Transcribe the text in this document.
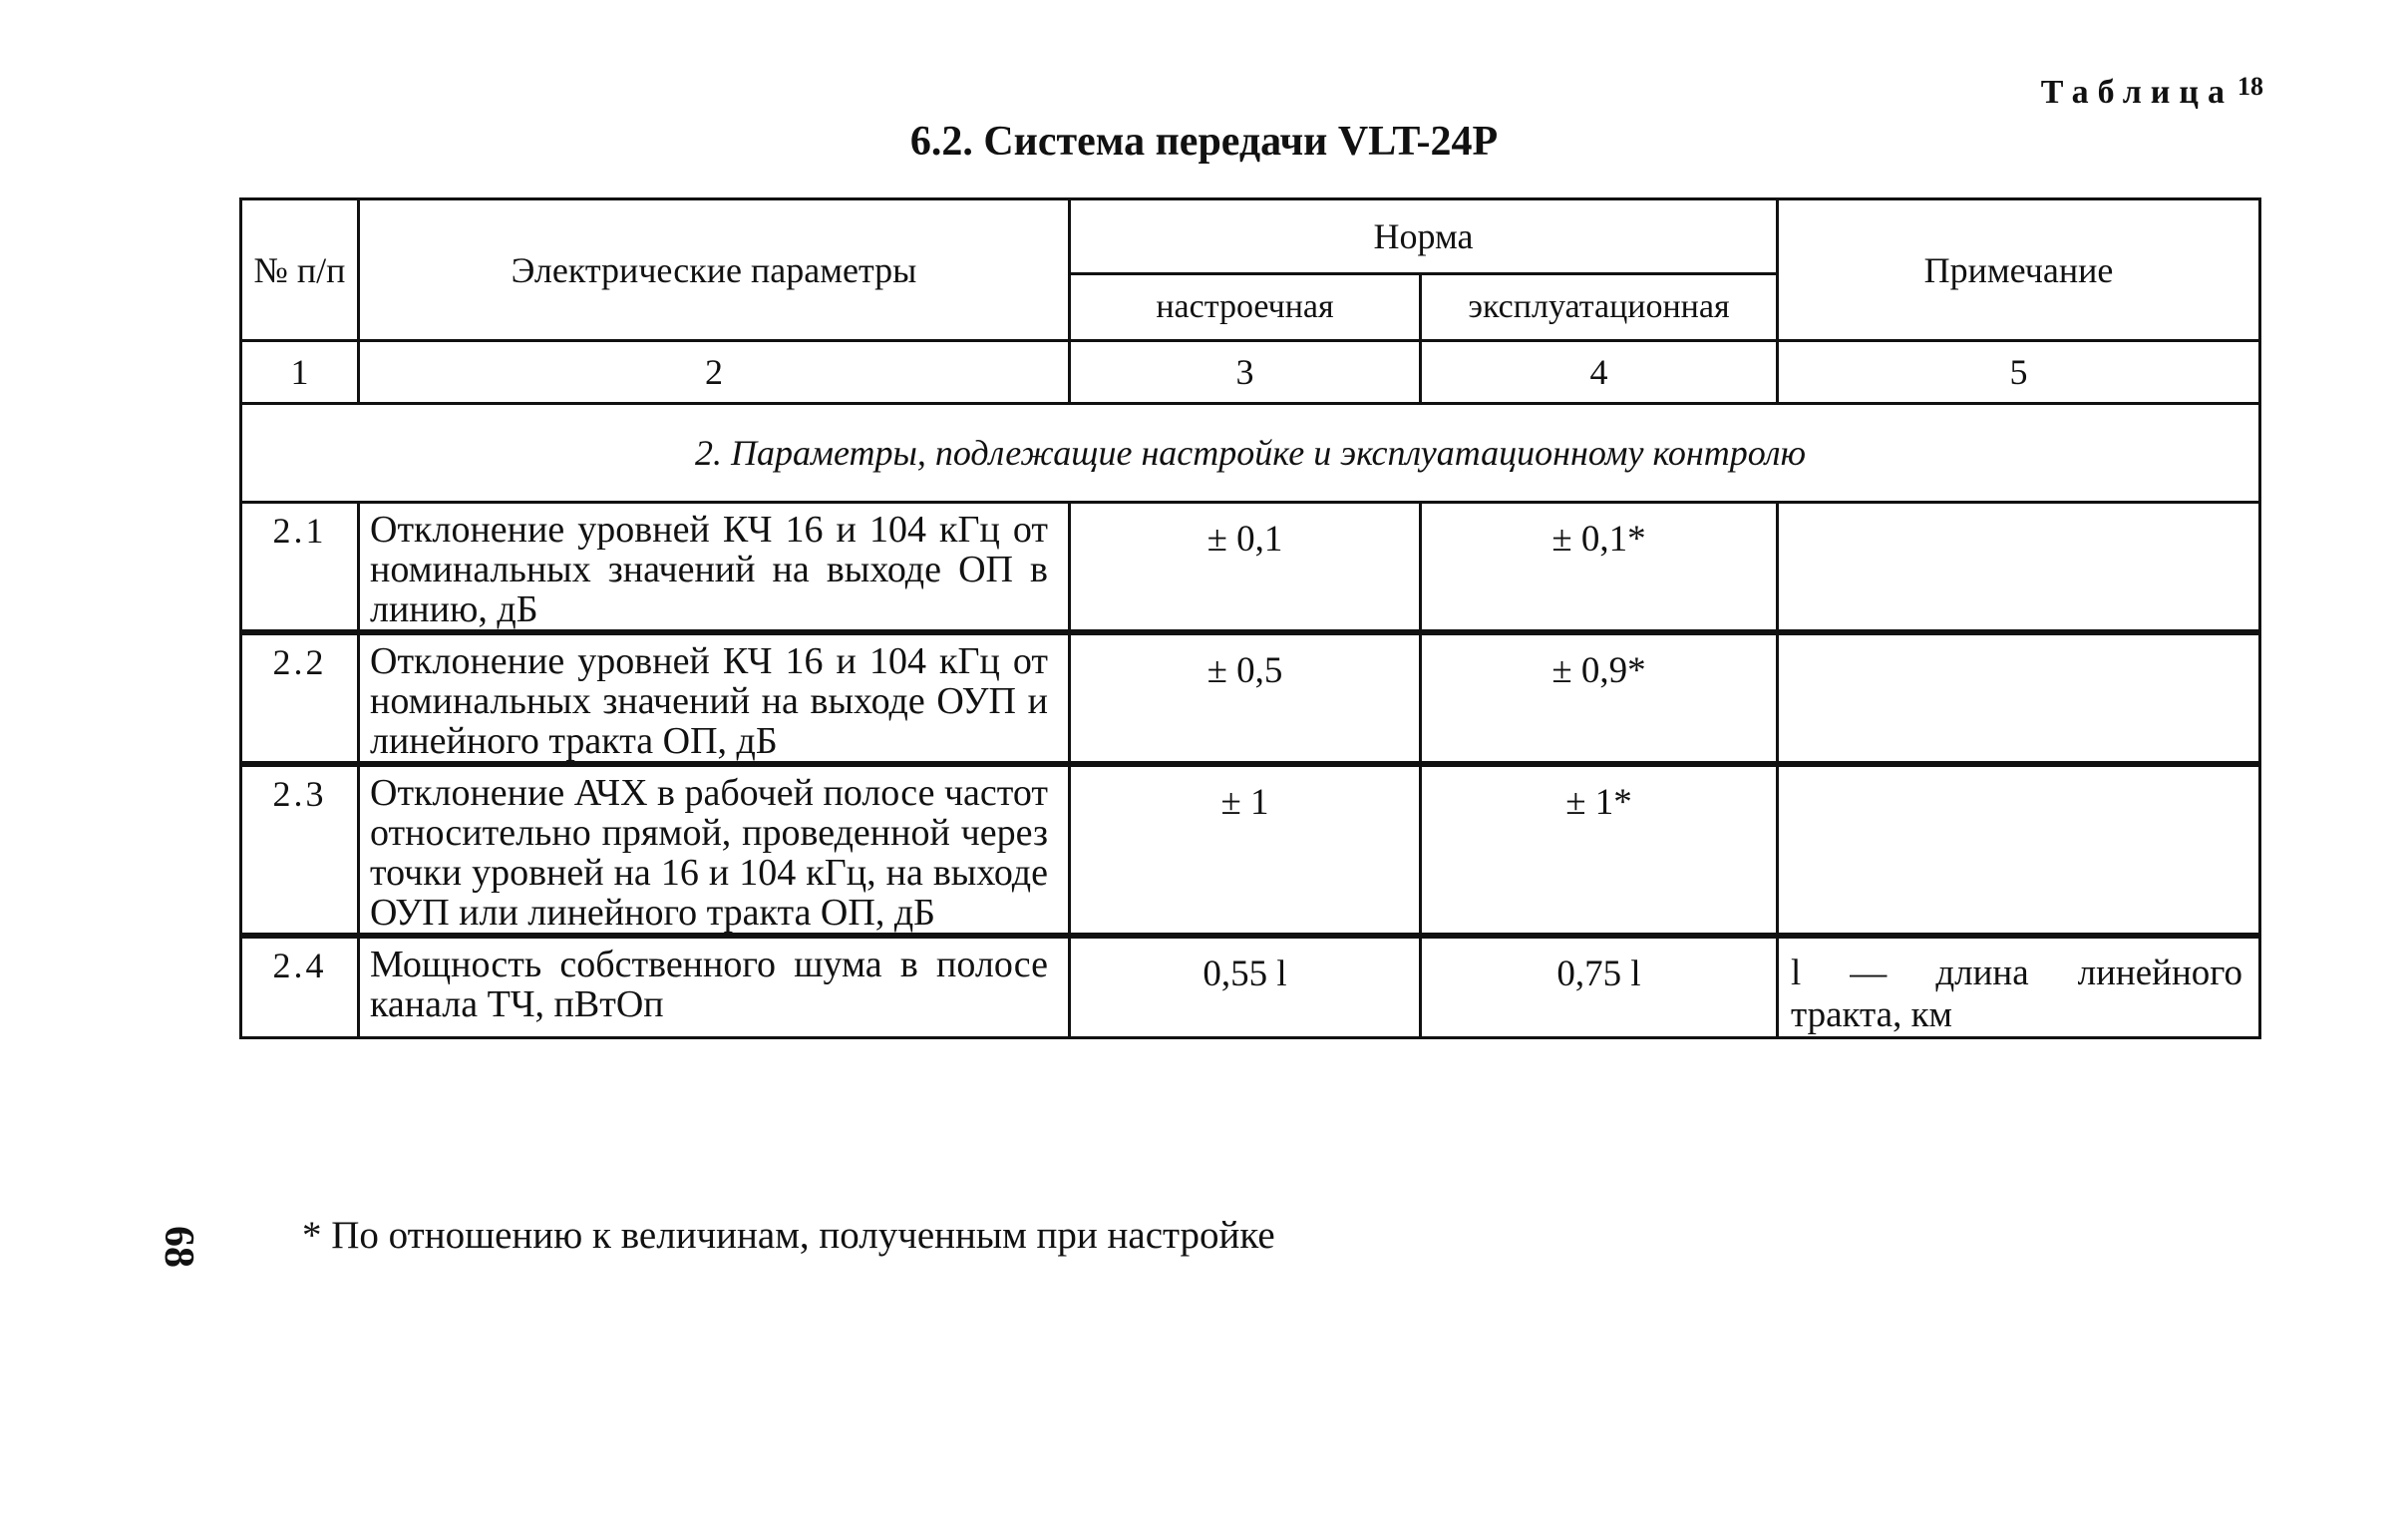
Таблица $^{18}$
6.2. Система передачи VLT-24P
№ п/п	Электрические параметры	Норма		Примечание
		настроечная	эксплуатационная	
1	2	3	4	5
2. Параметры, подлежащие настройке и эксплуатационному контролю				
2.1	Отклонение уровней КЧ 16 и 104 кГц от номинальных значений на выходе ОП в линию, дБ	± 0,1	± 0,1*	

2.2	Отклонение уровней КЧ 16 и 104 кГц от номинальных значений на выходе ОУП и линейного тракта ОП, дБ	± 0,5	± 0,9*	

2.3	Отклонение АЧХ в рабочей полосе частот относительно прямой, проведенной через точки уровней на 16 и 104 кГц, на выходе ОУП или линейного тракта ОП, дБ	± 1	± 1*	

2.4	Мощность собственного шума в полосе канала ТЧ, пВтОп	0,55 l	0,75 l	l — длина линейного тракта, км
68	* По отношению к величинам, полученным при настройке
